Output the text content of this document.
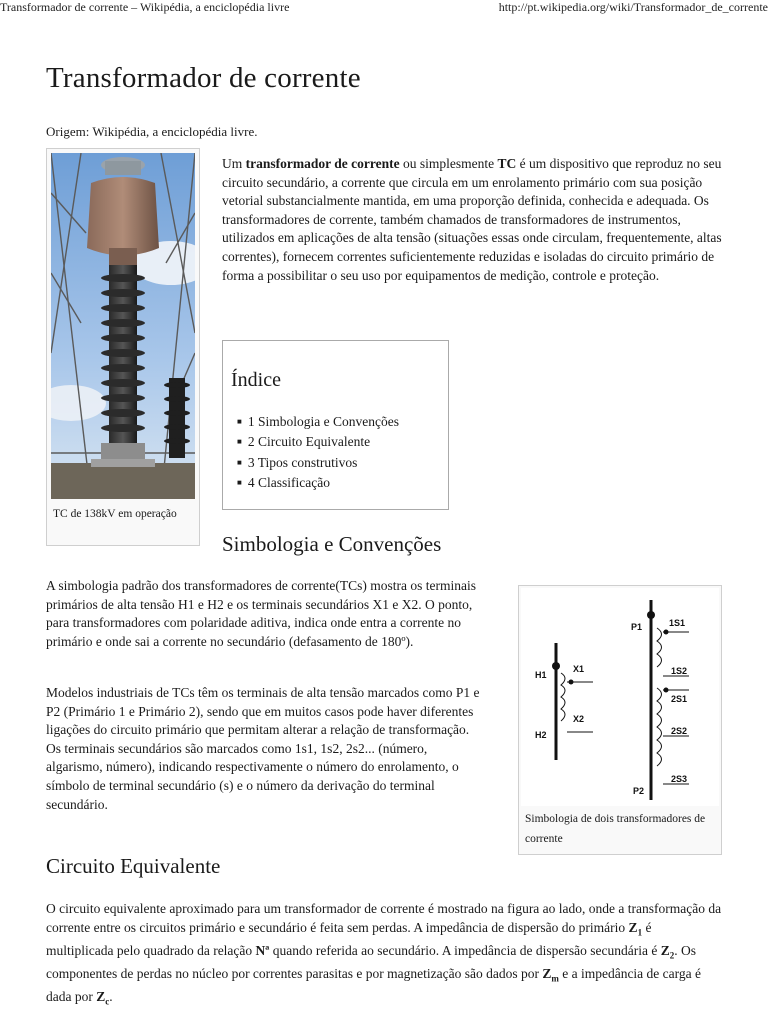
Transformador de corrente – Wikipédia, a enciclopédia livre	http://pt.wikipedia.org/wiki/Transformador_de_corrente
Transformador de corrente
Origem: Wikipédia, a enciclopédia livre.
TC de 138kV em operação
Um transformador de corrente ou simplesmente TC é um dispositivo que reproduz no seu circuito secundário, a corrente que circula em um enrolamento primário com sua posição vetorial substancialmente mantida, em uma proporção definida, conhecida e adequada. Os transformadores de corrente, também chamados de transformadores de instrumentos, utilizados em aplicações de alta tensão (situações essas onde circulam, frequentemente, altas correntes), fornecem correntes suficientemente reduzidas e isoladas do circuito primário de forma a possibilitar o seu uso por equipamentos de medição, controle e proteção.
Índice
■ 1 Simbologia e Convenções
■ 2 Circuito Equivalente
■ 3 Tipos construtivos
■ 4 Classificação
Simbologia e Convenções
A simbologia padrão dos transformadores de corrente(TCs) mostra os terminais primários de alta tensão H1 e H2 e os terminais secundários X1 e X2. O ponto, para transformadores com polaridade aditiva, indica onde entra a corrente no primário e onde sai a corrente no secundário (defasamento de 180º).
Modelos industriais de TCs têm os terminais de alta tensão marcados como P1 e P2 (Primário 1 e Primário 2), sendo que em muitos casos pode haver diferentes ligações do circuito primário que permitam alterar a relação de transformação. Os terminais secundários são marcados como 1s1, 1s2, 2s2... (número, algarismo, número), indicando respectivamente o número do enrolamento, o símbolo de terminal secundário (s) e o número da derivação do terminal secundário.
H1
H2
X1
X2
P1
P2
1S1
1S2
2S1
2S2
2S3
Simbologia de dois transformadores de corrente
Circuito Equivalente
O circuito equivalente aproximado para um transformador de corrente é mostrado na figura ao lado, onde a transformação da corrente entre os circuitos primário e secundário é feita sem perdas. A impedância de dispersão do primário $Z_1$ é multiplicada pelo quadrado da relação Nª quando referida ao secundário. A impedância de dispersão secundária é $Z_2$. Os componentes de perdas no núcleo por correntes parasitas e por magnetização são dados por $Z_m$ e a impedância de carga é dada por $Z_c$.
